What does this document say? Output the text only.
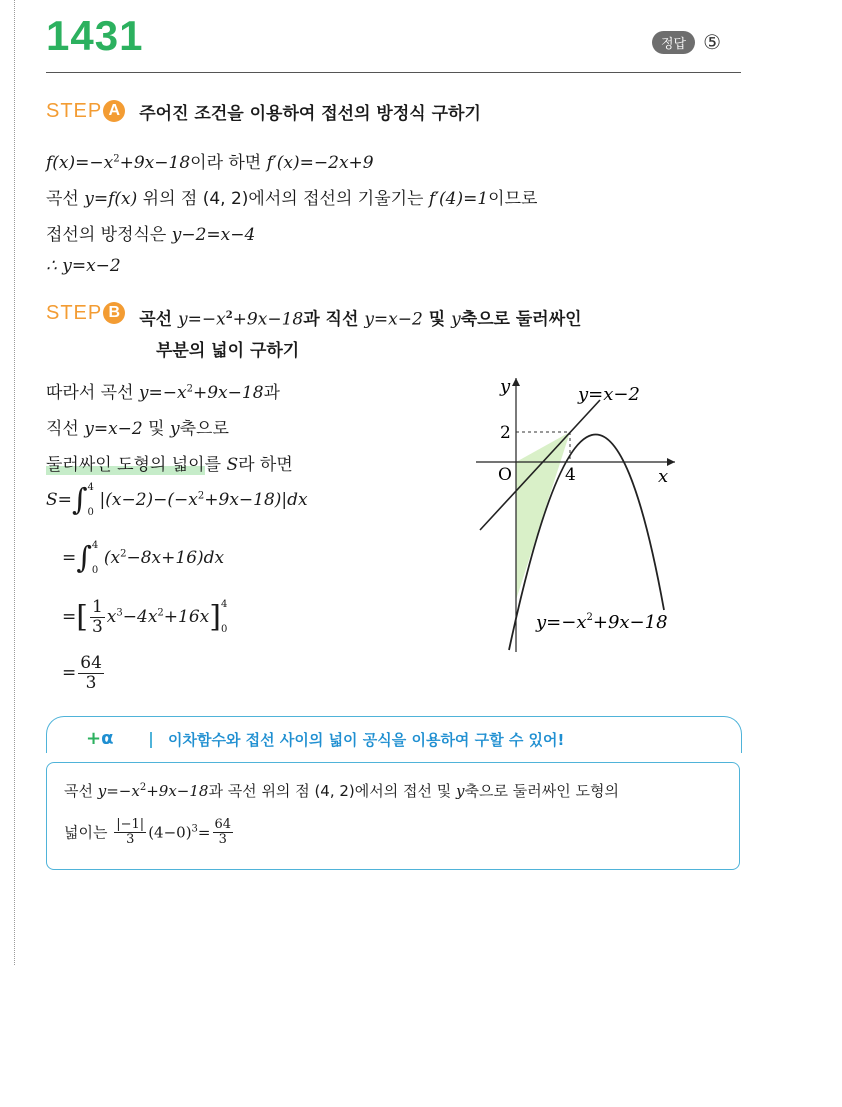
1431	정답 ⑤
STEP A	주어진 조건을 이용하여 접선의 방정식 구하기
$f(x)=-x^2+9x-18$이라 하면 f′(x)=−2x+9
곡선 y=f(x) 위의 점 (4, 2)에서의 접선의 기울기는 f′(4)=1이므로
접선의 방정식은 y−2=x−4
∴ y=x−2
STEP B	곡선 $y=-x^2+9x-18$과 직선 y=x−2 및 y축으로 둘러싸인
부분의 넓이 구하기
따라서 곡선 $y=-x^2+9x-18$과
직선 y=x−2 및 y축으로
둘러싸인 도형의 넓이를 S라 하면
S=∫ 4
0
$|(x-2)-(-x^2+9x-18)|dx$
=∫ 4
0
$(x^2-8x+16)dx$
=[ $\frac{1}{3} x^3-4x^2+16x$] 4
0
= $\frac{64}{3}$
y
x
O	4
2
y=x−2
$y=-x^2+9x-18$
+α	이차함수와 접선 사이의 넓이 공식을 이용하여 구할 수 있어!
곡선 $y=-x^2+9x-18$과 곡선 위의 점 (4, 2)에서의 접선 및 y축으로 둘러싸인 도형의
넓이는 $\frac{|-1|}{3} (4-0)^3= \frac{64}{3}$
